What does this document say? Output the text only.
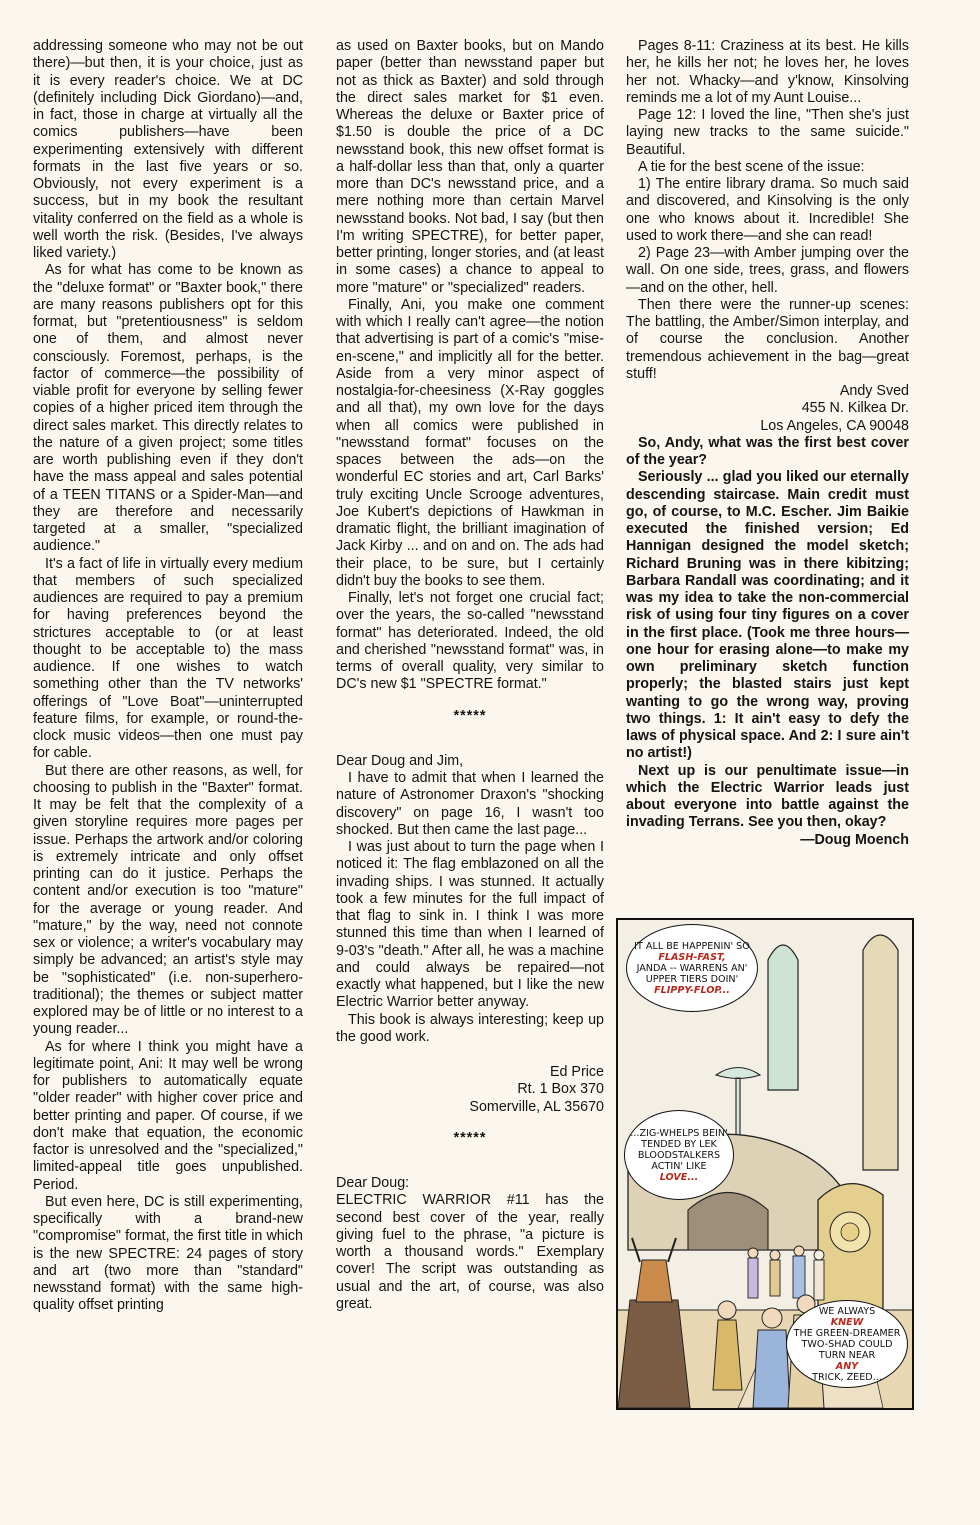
addressing someone who may not be out there)—but then, it is your choice, just as it is every reader's choice. We at DC (definitely including Dick Giordano)—and, in fact, those in charge at virtually all the comics publishers—have been experimenting extensively with different formats in the last five years or so. Obviously, not every experiment is a success, but in my book the resultant vitality conferred on the field as a whole is well worth the risk. (Besides, I've always liked variety.)

As for what has come to be known as the "deluxe format" or "Baxter book," there are many reasons publishers opt for this format, but "pretentiousness" is seldom one of them, and almost never consciously. Foremost, perhaps, is the factor of commerce—the possibility of viable profit for everyone by selling fewer copies of a higher priced item through the direct sales market. This directly relates to the nature of a given project; some titles are worth publishing even if they don't have the mass appeal and sales potential of a TEEN TITANS or a Spider-Man—and they are therefore and necessarily targeted at a smaller, "specialized audience."

It's a fact of life in virtually every medium that members of such specialized audiences are required to pay a premium for having preferences beyond the strictures acceptable to (or at least thought to be acceptable to) the mass audience. If one wishes to watch something other than the TV networks' offerings of "Love Boat"—uninterrupted feature films, for example, or round-the-clock music videos—then one must pay for cable.

But there are other reasons, as well, for choosing to publish in the "Baxter" format. It may be felt that the complexity of a given storyline requires more pages per issue. Perhaps the artwork and/or coloring is extremely intricate and only offset printing can do it justice. Perhaps the content and/or execution is too "mature" for the average or young reader. And "mature," by the way, need not connote sex or violence; a writer's vocabulary may simply be advanced; an artist's style may be "sophisticated" (i.e. non-superhero-traditional); the themes or subject matter explored may be of little or no interest to a young reader...

As for where I think you might have a legitimate point, Ani: It may well be wrong for publishers to automatically equate "older reader" with higher cover price and better printing and paper. Of course, if we don't make that equation, the economic factor is unresolved and the "specialized," limited-appeal title goes unpublished. Period.

But even here, DC is still experimenting, specifically with a brand-new "compromise" format, the first title in which is the new SPECTRE: 24 pages of story and art (two more than "standard" newsstand format) with the same high-quality offset printing

as used on Baxter books, but on Mando paper (better than newsstand paper but not as thick as Baxter) and sold through the direct sales market for $1 even. Whereas the deluxe or Baxter price of $1.50 is double the price of a DC newsstand book, this new offset format is a half-dollar less than that, only a quarter more than DC's newsstand price, and a mere nothing more than certain Marvel newsstand books. Not bad, I say (but then I'm writing SPECTRE), for better paper, better printing, longer stories, and (at least in some cases) a chance to appeal to more "mature" or "specialized" readers.

Finally, Ani, you make one comment with which I really can't agree—the notion that advertising is part of a comic's "mise-en-scene," and implicitly all for the better. Aside from a very minor aspect of nostalgia-for-cheesiness (X-Ray goggles and all that), my own love for the days when all comics were published in "newsstand format" focuses on the spaces between the ads—on the wonderful EC stories and art, Carl Barks' truly exciting Uncle Scrooge adventures, Joe Kubert's depictions of Hawkman in dramatic flight, the brilliant imagination of Jack Kirby ... and on and on. The ads had their place, to be sure, but I certainly didn't buy the books to see them.

Finally, let's not forget one crucial fact; over the years, the so-called "newsstand format" has deteriorated. Indeed, the old and cherished "newsstand format" was, in terms of overall quality, very similar to DC's new $1 "SPECTRE format."

*****

Dear Doug and Jim,

I have to admit that when I learned the nature of Astronomer Draxon's "shocking discovery" on page 16, I wasn't too shocked. But then came the last page...

I was just about to turn the page when I noticed it: The flag emblazoned on all the invading ships. I was stunned. It actually took a few minutes for the full impact of that flag to sink in. I think I was more stunned this time than when I learned of 9-03's "death." After all, he was a machine and could always be repaired—not exactly what happened, but I like the new Electric Warrior better anyway.

This book is always interesting; keep up the good work.

Ed Price

Rt. 1 Box 370

Somerville, AL 35670

*****

Dear Doug:

ELECTRIC WARRIOR #11 has the second best cover of the year, really giving fuel to the phrase, "a picture is worth a thousand words." Exemplary cover! The script was outstanding as usual and the art, of course, was also great.

Pages 8-11: Craziness at its best. He kills her, he kills her not; he loves her, he loves her not. Whacky—and y'know, Kinsolving reminds me a lot of my Aunt Louise...

Page 12: I loved the line, "Then she's just laying new tracks to the same suicide." Beautiful.

A tie for the best scene of the issue:

1) The entire library drama. So much said and discovered, and Kinsolving is the only one who knows about it. Incredible! She used to work there—and she can read!

2) Page 23—with Amber jumping over the wall. On one side, trees, grass, and flowers—and on the other, hell.

Then there were the runner-up scenes: The battling, the Amber/Simon interplay, and of course the conclusion. Another tremendous achievement in the bag—great stuff!

Andy Sved

455 N. Kilkea Dr.

Los Angeles, CA 90048

So, Andy, what was the first best cover of the year?

Seriously ... glad you liked our eternally descending staircase. Main credit must go, of course, to M.C. Escher. Jim Baikie executed the finished version; Ed Hannigan designed the model sketch; Richard Bruning was in there kibitzing; Barbara Randall was coordinating; and it was my idea to take the non-commercial risk of using four tiny figures on a cover in the first place. (Took me three hours—one hour for erasing alone—to make my own preliminary sketch function properly; the blasted stairs just kept wanting to go the wrong way, proving two things. 1: It ain't easy to defy the laws of physical space. And 2: I sure ain't no artist!)

Next up is our penultimate issue—in which the Electric Warrior leads just about everyone into battle against the invading Terrans. See you then, okay?

—Doug Moench

IT ALL BE HAPPENIN' SO
FLASH-FAST,
JANDA -- WARRENS AN' UPPER TIERS DOIN'
FLIPPY-FLOP...
...ZIG-WHELPS BEIN' TENDED BY LEK BLOODSTALKERS ACTIN' LIKE
LOVE...
WE ALWAYS
KNEW
THE GREEN-DREAMER TWO-SHAD COULD TURN NEAR
ANY
TRICK, ZEED...
